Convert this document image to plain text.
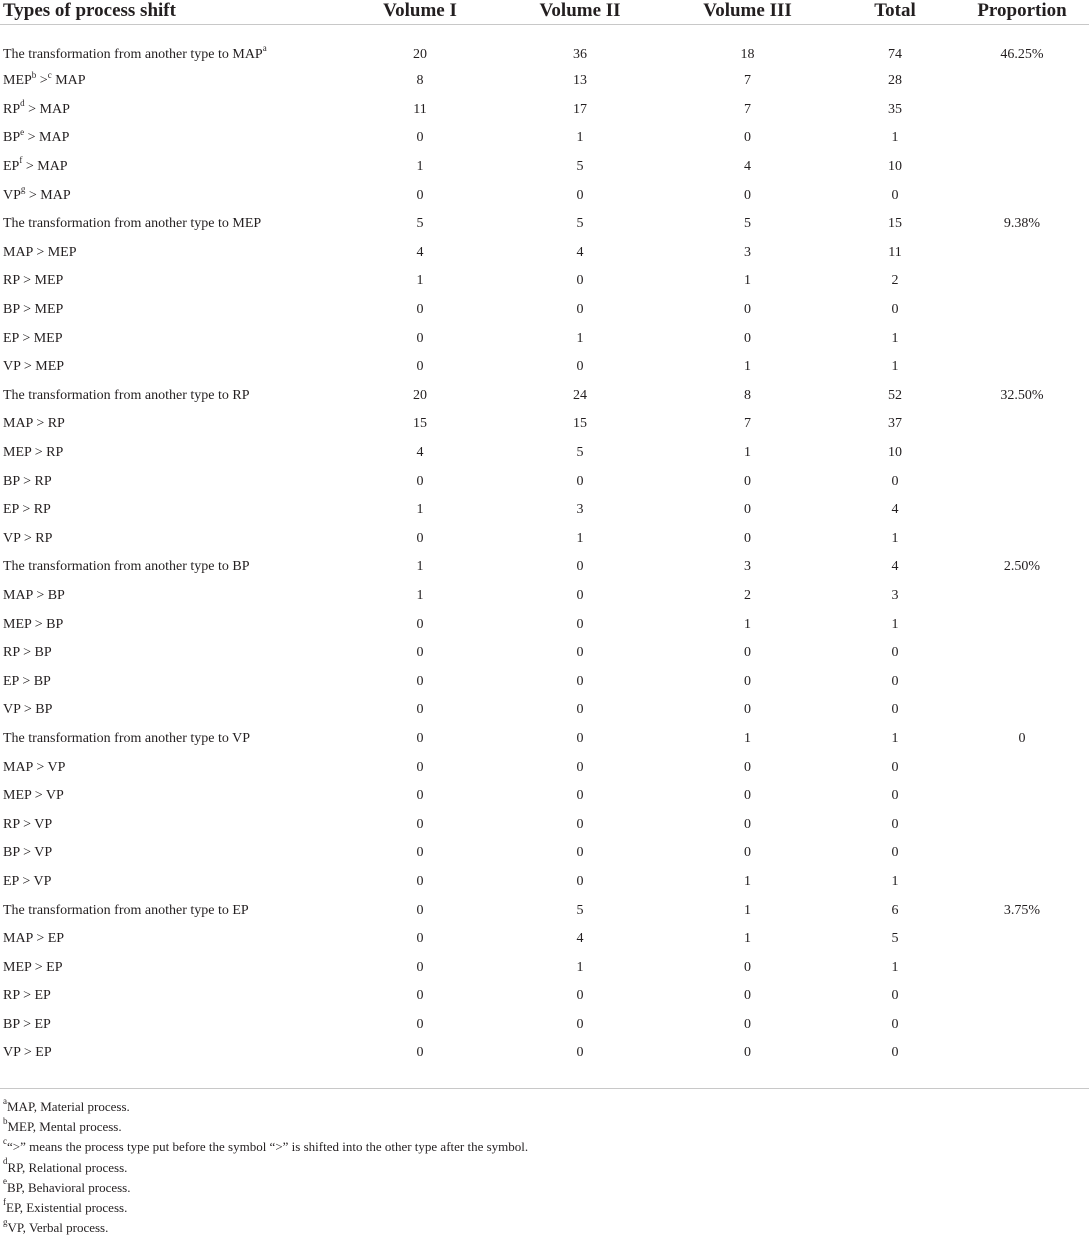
Types of process shift	Volume I	Volume II	Volume III	Total	Proportion
The transformation from another type to MAP$^a$	20	36	18	74	46.25%
$MEP^b >^c$ MAP	8	13	7	28	
$RP^d$ > MAP	11	17	7	35	
$BP^e$ > MAP	0	1	0	1	
$EP^f$ > MAP	1	5	4	10	
$VP^g$ > MAP	0	0	0	0	
The transformation from another type to MEP	5	5	5	15	9.38%
MAP > MEP	4	4	3	11	
RP > MEP	1	0	1	2	
BP > MEP	0	0	0	0	
EP > MEP	0	1	0	1	
VP > MEP	0	0	1	1	
The transformation from another type to RP	20	24	8	52	32.50%
MAP > RP	15	15	7	37	
MEP > RP	4	5	1	10	
BP > RP	0	0	0	0	
EP > RP	1	3	0	4	
VP > RP	0	1	0	1	
The transformation from another type to BP	1	0	3	4	2.50%
MAP > BP	1	0	2	3	
MEP > BP	0	0	1	1	
RP > BP	0	0	0	0	
EP > BP	0	0	0	0	
VP > BP	0	0	0	0	
The transformation from another type to VP	0	0	1	1	0
MAP > VP	0	0	0	0	
MEP > VP	0	0	0	0	
RP > VP	0	0	0	0	
BP > VP	0	0	0	0	
EP > VP	0	0	1	1	
The transformation from another type to EP	0	5	1	6	3.75%
MAP > EP	0	4	1	5	
MEP > EP	0	1	0	1	
RP > EP	0	0	0	0	
BP > EP	0	0	0	0	
VP > EP	0	0	0	0	
$^a$MAP, Material process.
$^b$MEP, Mental process.
$^c$“>” means the process type put before the symbol “>” is shifted into the other type after the symbol.
$^d$RP, Relational process.
$^e$BP, Behavioral process.
$^f$EP, Existential process.
$^g$VP, Verbal process.
